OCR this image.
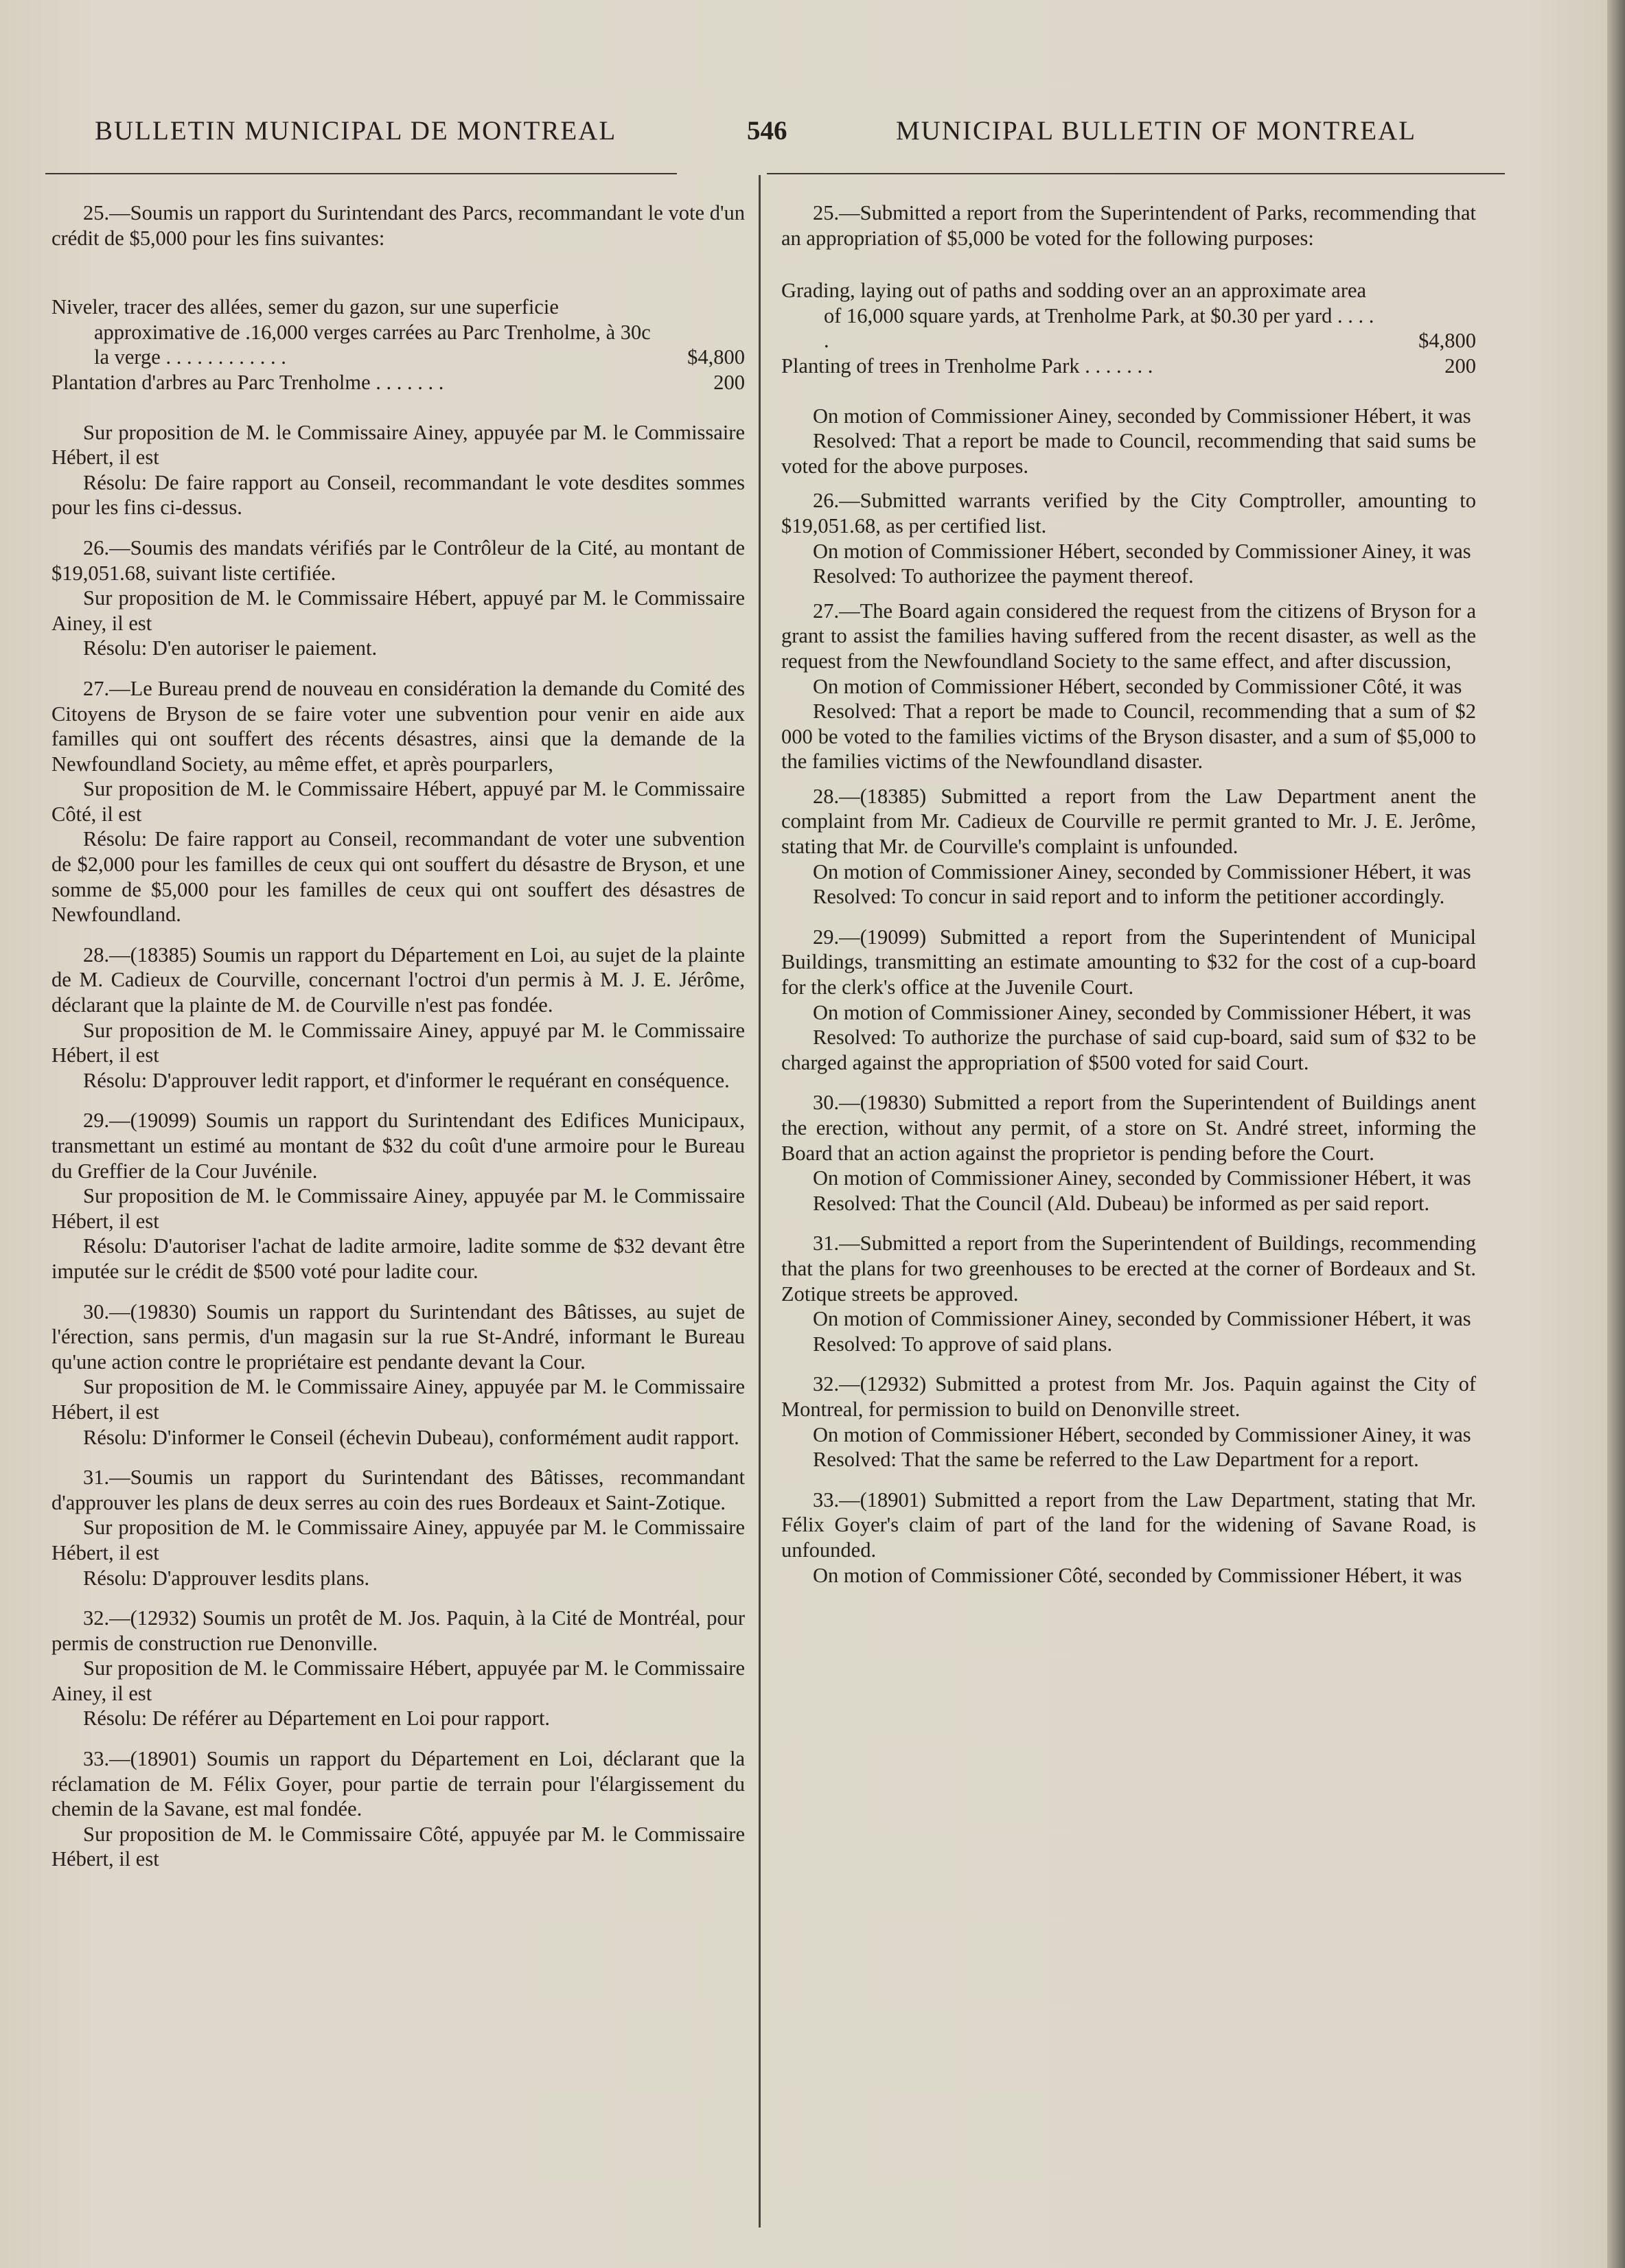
BULLETIN MUNICIPAL DE MONTREAL	546	MUNICIPAL BULLETIN OF MONTREAL

25.—Soumis un rapport du Surintendant des Parcs, recommandant le vote d'un crédit de $5,000 pour les fins suivantes:

Niveler, tracer des allées, semer du gazon, sur une superficie approximative de .16,000 verges carrées au Parc Trenholme, à 30c la verge . . . . . . . . . . . .	$4,800
Plantation d'arbres au Parc Trenholme . . . . . . .	200

Sur proposition de M. le Commissaire Ainey, appuyée par M. le Commissaire Hébert, il est

Résolu: De faire rapport au Conseil, recommandant le vote desdites sommes pour les fins ci-dessus.

26.—Soumis des mandats vérifiés par le Contrôleur de la Cité, au montant de $19,051.68, suivant liste certifiée.

Sur proposition de M. le Commissaire Hébert, appuyé par M. le Commissaire Ainey, il est

Résolu: D'en autoriser le paiement.

27.—Le Bureau prend de nouveau en considération la demande du Comité des Citoyens de Bryson de se faire voter une subvention pour venir en aide aux familles qui ont souffert des récents désastres, ainsi que la demande de la Newfoundland Society, au même effet, et après pourparlers,

Sur proposition de M. le Commissaire Hébert, appuyé par M. le Commissaire Côté, il est

Résolu: De faire rapport au Conseil, recommandant de voter une subvention de $2,000 pour les familles de ceux qui ont souffert du désastre de Bryson, et une somme de $5,000 pour les familles de ceux qui ont souffert des désastres de Newfoundland.

28.—(18385) Soumis un rapport du Département en Loi, au sujet de la plainte de M. Cadieux de Courville, concernant l'octroi d'un permis à M. J. E. Jérôme, déclarant que la plainte de M. de Courville n'est pas fondée.

Sur proposition de M. le Commissaire Ainey, appuyé par M. le Commissaire Hébert, il est

Résolu: D'approuver ledit rapport, et d'informer le requérant en conséquence.

29.—(19099) Soumis un rapport du Surintendant des Edifices Municipaux, transmettant un estimé au montant de $32 du coût d'une armoire pour le Bureau du Greffier de la Cour Juvénile.

Sur proposition de M. le Commissaire Ainey, appuyée par M. le Commissaire Hébert, il est

Résolu: D'autoriser l'achat de ladite armoire, ladite somme de $32 devant être imputée sur le crédit de $500 voté pour ladite cour.

30.—(19830) Soumis un rapport du Surintendant des Bâtisses, au sujet de l'érection, sans permis, d'un magasin sur la rue St-André, informant le Bureau qu'une action contre le propriétaire est pendante devant la Cour.

Sur proposition de M. le Commissaire Ainey, appuyée par M. le Commissaire Hébert, il est

Résolu: D'informer le Conseil (échevin Dubeau), conformément audit rapport.

31.—Soumis un rapport du Surintendant des Bâtisses, recommandant d'approuver les plans de deux serres au coin des rues Bordeaux et Saint-Zotique.

Sur proposition de M. le Commissaire Ainey, appuyée par M. le Commissaire Hébert, il est

Résolu: D'approuver lesdits plans.

32.—(12932) Soumis un protêt de M. Jos. Paquin, à la Cité de Montréal, pour permis de construction rue Denonville.

Sur proposition de M. le Commissaire Hébert, appuyée par M. le Commissaire Ainey, il est

Résolu: De référer au Département en Loi pour rapport.

33.—(18901) Soumis un rapport du Département en Loi, déclarant que la réclamation de M. Félix Goyer, pour partie de terrain pour l'élargissement du chemin de la Savane, est mal fondée.

Sur proposition de M. le Commissaire Côté, appuyée par M. le Commissaire Hébert, il est

25.—Submitted a report from the Superintendent of Parks, recommending that an appropriation of $5,000 be voted for the following purposes:

Grading, laying out of paths and sodding over an an approximate area of 16,000 square yards, at Trenholme Park, at $0.30 per yard . . . . .	$4,800
Planting of trees in Trenholme Park . . . . . . .	200

On motion of Commissioner Ainey, seconded by Commissioner Hébert, it was

Resolved: That a report be made to Council, recommending that said sums be voted for the above purposes.

26.—Submitted warrants verified by the City Comptroller, amounting to $19,051.68, as per certified list.

On motion of Commissioner Hébert, seconded by Commissioner Ainey, it was

Resolved: To authorizee the payment thereof.

27.—The Board again considered the request from the citizens of Bryson for a grant to assist the families having suffered from the recent disaster, as well as the request from the Newfoundland Society to the same effect, and after discussion,

On motion of Commissioner Hébert, seconded by Commissioner Côté, it was

Resolved: That a report be made to Council, recommending that a sum of $2 000 be voted to the families victims of the Bryson disaster, and a sum of $5,000 to the families victims of the Newfoundland disaster.

28.—(18385) Submitted a report from the Law Department anent the complaint from Mr. Cadieux de Courville re permit granted to Mr. J. E. Jerôme, stating that Mr. de Courville's complaint is unfounded.

On motion of Commissioner Ainey, seconded by Commissioner Hébert, it was

Resolved: To concur in said report and to inform the petitioner accordingly.

29.—(19099) Submitted a report from the Superintendent of Municipal Buildings, transmitting an estimate amounting to $32 for the cost of a cup-board for the clerk's office at the Juvenile Court.

On motion of Commissioner Ainey, seconded by Commissioner Hébert, it was

Resolved: To authorize the purchase of said cup-board, said sum of $32 to be charged against the appropriation of $500 voted for said Court.

30.—(19830) Submitted a report from the Superintendent of Buildings anent the erection, without any permit, of a store on St. André street, informing the Board that an action against the proprietor is pending before the Court.

On motion of Commissioner Ainey, seconded by Commissioner Hébert, it was

Resolved: That the Council (Ald. Dubeau) be informed as per said report.

31.—Submitted a report from the Superintendent of Buildings, recommending that the plans for two greenhouses to be erected at the corner of Bordeaux and St. Zotique streets be approved.

On motion of Commissioner Ainey, seconded by Commissioner Hébert, it was

Resolved: To approve of said plans.

32.—(12932) Submitted a protest from Mr. Jos. Paquin against the City of Montreal, for permission to build on Denonville street.

On motion of Commissioner Hébert, seconded by Commissioner Ainey, it was

Resolved: That the same be referred to the Law Department for a report.

33.—(18901) Submitted a report from the Law Department, stating that Mr. Félix Goyer's claim of part of the land for the widening of Savane Road, is unfounded.

On motion of Commissioner Côté, seconded by Commissioner Hébert, it was
